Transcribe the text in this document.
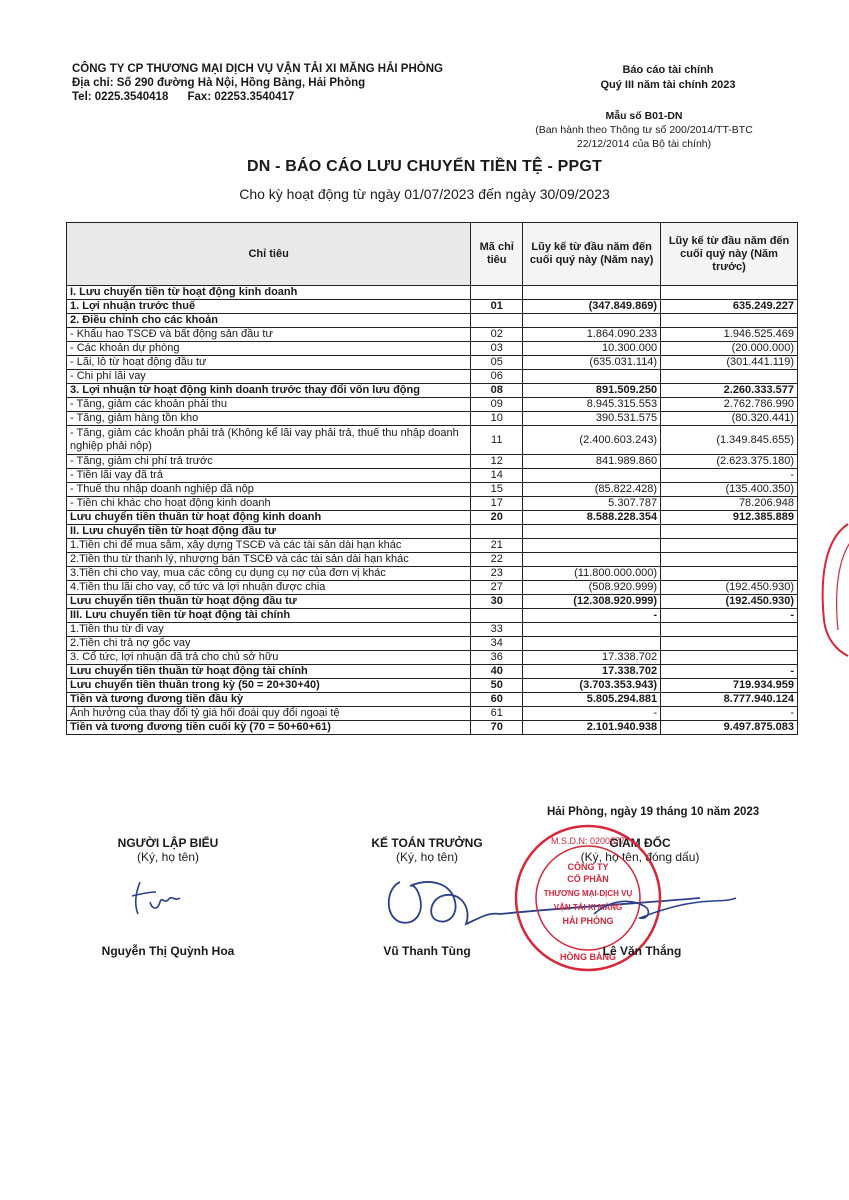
CÔNG TY CP THƯƠNG MẠI DỊCH VỤ VẬN TẢI XI MĂNG HẢI PHÒNG
Địa chỉ: Số 290 đường Hà Nội, Hồng Bàng, Hải Phòng
Tel: 0225.3540418      Fax: 02253.3540417
Báo cáo tài chính
Quý III năm tài chính 2023
Mẫu số B01-DN
(Ban hành theo Thông tư số 200/2014/TT-BTC
22/12/2014 của Bộ tài chính)
DN - BÁO CÁO LƯU CHUYỂN TIỀN TỆ - PPGT
Cho kỳ hoạt động từ ngày 01/07/2023 đến ngày 30/09/2023
Chỉ tiêu	Mã chỉ tiêu	Lũy kế từ đầu năm đến cuối quý này (Năm nay)	Lũy kế từ đầu năm đến cuối quý này (Năm trước)
I. Lưu chuyển tiền từ hoạt động kinh doanh			
1. Lợi nhuận trước thuế	01	(347.849.869)	635.249.227
2. Điều chỉnh cho các khoản			
- Khấu hao TSCĐ và bất động sản đầu tư	02	1.864.090.233	1.946.525.469
- Các khoản dự phòng	03	10.300.000	(20.000.000)
- Lãi, lỗ từ hoạt động đầu tư	05	(635.031.114)	(301.441.119)
- Chi phí lãi vay	06		
3. Lợi nhuận từ hoạt động kinh doanh trước thay đổi vốn lưu động	08	891.509.250	2.260.333.577
- Tăng, giảm các khoản phải thu	09	8.945.315.553	2.762.786.990
- Tăng, giảm hàng tồn kho	10	390.531.575	(80.320.441)
- Tăng, giảm các khoản phải trả (Không kể lãi vay phải trả, thuế thu nhập doanh nghiệp phải nộp)	11	(2.400.603.243)	(1.349.845.655)
- Tăng, giảm chi phí trả trước	12	841.989.860	(2.623.375.180)
- Tiền lãi vay đã trả	14		-
- Thuế thu nhập doanh nghiệp đã nộp	15	(85.822.428)	(135.400.350)
- Tiền chi khác cho hoạt động kinh doanh	17	5.307.787	78.206.948
Lưu chuyển tiền thuần từ hoạt động kinh doanh	20	8.588.228.354	912.385.889
II. Lưu chuyển tiền từ hoạt động đầu tư			
1.Tiền chi để mua sắm, xây dựng TSCĐ và các tài sản dài hạn khác	21		
2.Tiền thu từ thanh lý, nhượng bán TSCĐ và các tài sản dài hạn khác	22		
3.Tiền chi cho vay, mua các công cụ dụng cụ nợ của đơn vị khác	23	(11.800.000.000)	
4.Tiền thu lãi cho vay, cổ tức và lợi nhuận được chia	27	(508.920.999)	(192.450.930)
Lưu chuyển tiền thuần từ hoạt động đầu tư	30	(12.308.920.999)	(192.450.930)
III. Lưu chuyển tiền từ hoạt động tài chính		-	-
1.Tiền thu từ đi vay	33		
2.Tiền chi trả nợ gốc vay	34		
3. Cổ tức, lợi nhuận đã trả cho chủ sở hữu	36	17.338.702	
Lưu chuyển tiền thuần từ hoạt động tài chính	40	17.338.702	-
Lưu chuyển tiền thuần trong kỳ (50 = 20+30+40)	50	(3.703.353.943)	719.934.959
Tiền và tương đương tiền đầu kỳ	60	5.805.294.881	8.777.940.124
Ảnh hưởng của thay đổi tỷ giá hối đoái quy đổi ngoại tệ	61	-	-
Tiền và tương đương tiền cuối kỳ (70 = 50+60+61)	70	2.101.940.938	9.497.875.083
Hải Phòng, ngày 19 tháng 10 năm 2023
NGƯỜI LẬP BIỂU
(Ký, họ tên)
Nguyễn Thị Quỳnh Hoa
KẾ TOÁN TRƯỞNG
(Ký, họ tên)
Vũ Thanh Tùng
GIÁM ĐỐC
(Ký, họ tên, đóng dấu)
M.S.D.N: 0200577
CÔNG TY
CỔ PHẦN
THƯƠNG MẠI-DỊCH VỤ
VẬN TẢI XI MĂNG
HẢI PHÒNG
HỒNG BÀNG
Lê Văn Thắng
